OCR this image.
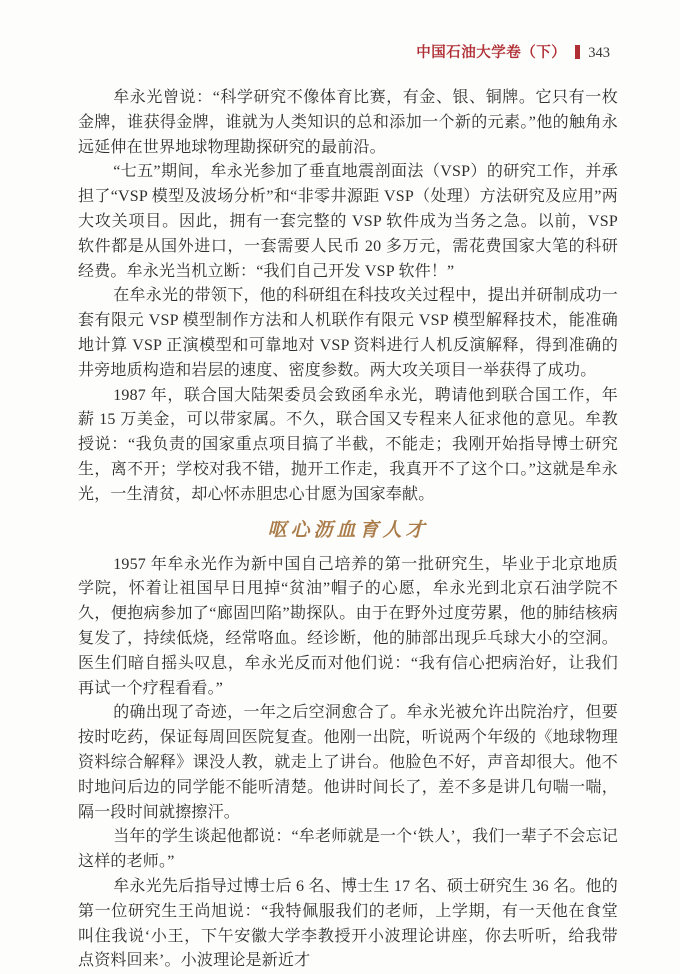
中国石油大学卷（下） 343

牟永光曾说：“科学研究不像体育比赛，有金、银、铜牌。它只有一枚金牌，谁获得金牌，谁就为人类知识的总和添加一个新的元素。”他的触角永远延伸在世界地球物理勘探研究的最前沿。

“七五”期间，牟永光参加了垂直地震剖面法（VSP）的研究工作，并承担了“VSP 模型及波场分析”和“非零井源距 VSP（处理）方法研究及应用”两大攻关项目。因此，拥有一套完整的 VSP 软件成为当务之急。以前，VSP 软件都是从国外进口，一套需要人民币 20 多万元，需花费国家大笔的科研经费。牟永光当机立断：“我们自己开发 VSP 软件！”

在牟永光的带领下，他的科研组在科技攻关过程中，提出并研制成功一套有限元 VSP 模型制作方法和人机联作有限元 VSP 模型解释技术，能准确地计算 VSP 正演模型和可靠地对 VSP 资料进行人机反演解释，得到准确的井旁地质构造和岩层的速度、密度参数。两大攻关项目一举获得了成功。

1987 年，联合国大陆架委员会致函牟永光，聘请他到联合国工作，年薪 15 万美金，可以带家属。不久，联合国又专程来人征求他的意见。牟教授说：“我负责的国家重点项目搞了半截，不能走；我刚开始指导博士研究生，离不开；学校对我不错，抛开工作走，我真开不了这个口。”这就是牟永光，一生清贫，却心怀赤胆忠心甘愿为国家奉献。

呕心沥血育人才

1957 年牟永光作为新中国自己培养的第一批研究生，毕业于北京地质学院，怀着让祖国早日甩掉“贫油”帽子的心愿，牟永光到北京石油学院不久，便抱病参加了“廊固凹陷”勘探队。由于在野外过度劳累，他的肺结核病复发了，持续低烧，经常咯血。经诊断，他的肺部出现乒乓球大小的空洞。医生们暗自摇头叹息，牟永光反而对他们说：“我有信心把病治好，让我们再试一个疗程看看。”

的确出现了奇迹，一年之后空洞愈合了。牟永光被允许出院治疗，但要按时吃药，保证每周回医院复查。他刚一出院，听说两个年级的《地球物理资料综合解释》课没人教，就走上了讲台。他脸色不好，声音却很大。他不时地问后边的同学能不能听清楚。他讲时间长了，差不多是讲几句喘一喘，隔一段时间就擦擦汗。

当年的学生谈起他都说：“牟老师就是一个‘铁人’，我们一辈子不会忘记这样的老师。”

牟永光先后指导过博士后 6 名、博士生 17 名、硕士研究生 36 名。他的第一位研究生王尚旭说：“我特佩服我们的老师，上学期，有一天他在食堂叫住我说‘小王，下午安徽大学李教授开小波理论讲座，你去听听，给我带点资料回来’。小波理论是新近才
